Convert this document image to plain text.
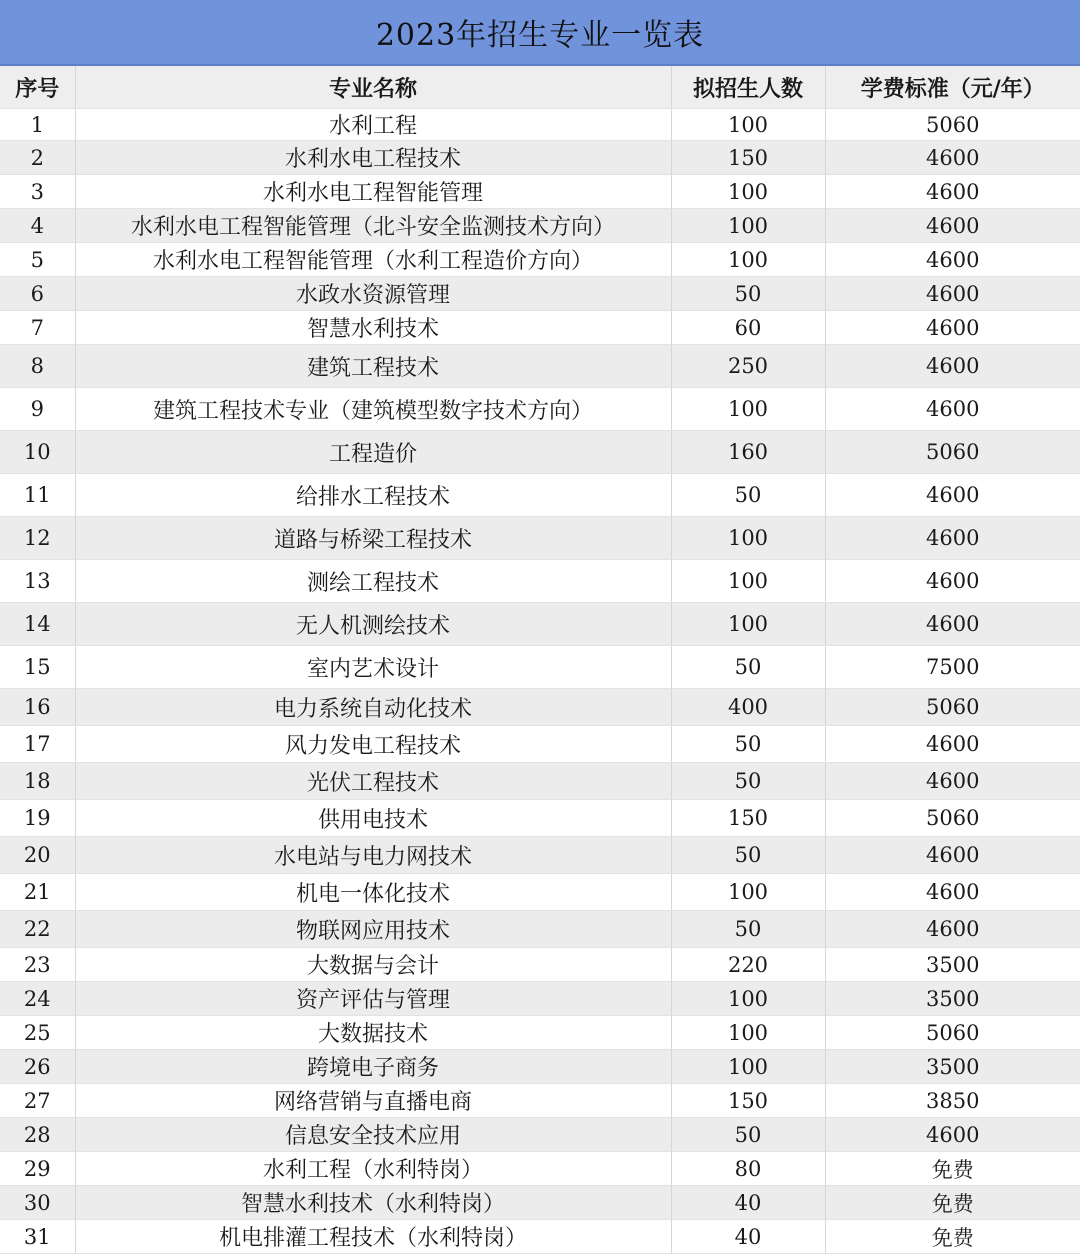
2023年招生专业一览表
序号	专业名称	拟招生人数	学费标准（元/年）
1	水利工程	100	5060
2	水利水电工程技术	150	4600
3	水利水电工程智能管理	100	4600
4	水利水电工程智能管理（北斗安全监测技术方向）	100	4600
5	水利水电工程智能管理（水利工程造价方向）	100	4600
6	水政水资源管理	50	4600
7	智慧水利技术	60	4600
8	建筑工程技术	250	4600
9	建筑工程技术专业（建筑模型数字技术方向）	100	4600
10	工程造价	160	5060
11	给排水工程技术	50	4600
12	道路与桥梁工程技术	100	4600
13	测绘工程技术	100	4600
14	无人机测绘技术	100	4600
15	室内艺术设计	50	7500
16	电力系统自动化技术	400	5060
17	风力发电工程技术	50	4600
18	光伏工程技术	50	4600
19	供用电技术	150	5060
20	水电站与电力网技术	50	4600
21	机电一体化技术	100	4600
22	物联网应用技术	50	4600
23	大数据与会计	220	3500
24	资产评估与管理	100	3500
25	大数据技术	100	5060
26	跨境电子商务	100	3500
27	网络营销与直播电商	150	3850
28	信息安全技术应用	50	4600
29	水利工程（水利特岗）	80	免费
30	智慧水利技术（水利特岗）	40	免费
31	机电排灌工程技术（水利特岗）	40	免费
